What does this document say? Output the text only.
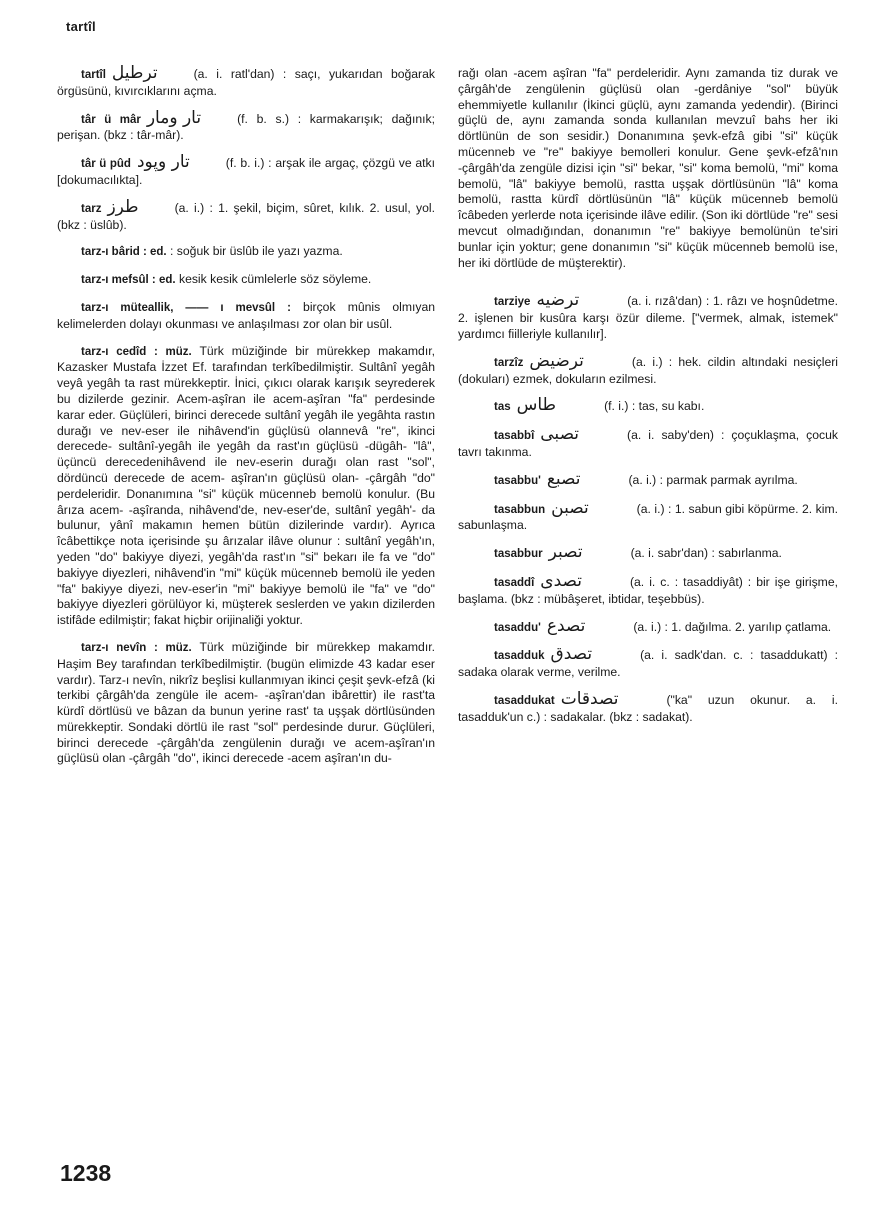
tartîl

tartîl ترطيل	(a. i. ratl'dan) : saçı, yukarıdan boğarak örgüsünü, kıvırcıklarını açma.

târ ü mâr تار ومار	(f. b. s.) : karmakarışık; dağınık; perişan. (bkz : târ-mâr).

târ ü pûd تار وپود	(f. b. i.) : arşak ile argaç, çözgü ve atkı [dokumacılıkta].

tarz طرز	(a. i.) : 1. şekil, biçim, sûret, kılık. 2. usul, yol. (bkz : üslûb).

tarz-ı bârid : ed. : soğuk bir üslûb ile yazı yazma.

tarz-ı mefsûl : ed. kesik kesik cümlelerle söz söyleme.

tarz-ı müteallik, —— ı mevsûl : birçok mûnis olmıyan kelimelerden dolayı okunması ve anlaşılması zor olan bir usûl.

tarz-ı cedîd : müz. Türk müziğinde bir mürekkep makamdır, Kazasker Mustafa İzzet Ef. tarafından terkîbedilmiştir. Sultânî yegâh veyâ yegâh ta rast mürekkeptir. İnici, çıkıcı olarak karışık seyrederek bu dizilerde gezinir. Acem-aşîran ile acem-aşîran "fa" perdesinde karar eder. Güçlüleri, birinci derecede sultânî yegâh ile yegâhta rastın durağı ve nev-eser ile nihâvend'in güçlüsü olannevâ "re", ikinci derecede- sultânî-yegâh ile yegâh da rast'ın güçlüsü -dügâh- "lâ", üçüncü derecedenihâvend ile nev-eserin durağı olan rast "sol", dördüncü derecede de acem- aşîran'ın güçlüsü olan- -çârgâh "do" perdeleridir. Donanımına "si" küçük mücenneb bemolü konulur. (Bu ârıza acem- -aşîranda, nihâvend'de, nev-eser'de, sultânî yegâh'- da bulunur, yânî makamın hemen bütün dizilerinde vardır). Ayrıca îcâbettikçe nota içerisinde şu ârızalar ilâve olunur : sultânî yegâh'ın, yeden "do" bakiyye diyezi, yegâh'da rast'ın "si" bekarı ile fa ve "do" bakiyye diyezleri, nihâvend'in "mi" küçük mücenneb bemolü ile yeden "fa" bakiyye diyezi, nev-eser'in "mi" bakiyye bemolü ile "fa" ve "do" bakiyye diyezleri görülüyor ki, müşterek seslerden ve yakın dizilerden istifâde edilmiştir; fakat hiçbir orijinaliği yoktur.

tarz-ı nevîn : müz. Türk müziğinde bir mürekkep makamdır. Haşim Bey tarafından terkîbedilmiştir. (bugün elimizde 43 kadar eser vardır). Tarz-ı nevîn, nikrîz beşlisi kullanmıyan ikinci çeşit şevk-efzâ (ki terkibi çârgâh'da zengüle ile acem- -aşîran'dan ibârettir) ile rast'ta kürdî dörtlüsü ve bâzan da bunun yerine rast' ta uşşak dörtlüsünden mürekkeptir. Sondaki dörtlü ile rast "sol" perdesinde durur. Güçlüleri, birinci derecede -çârgâh'da zengülenin durağı ve acem-aşîran'ın güçlüsü olan -çârgâh "do", ikinci derecede -acem aşîran'ın du-

rağı olan -acem aşîran "fa" perdeleridir. Aynı zamanda tiz durak ve çârgâh'de zengülenin güçlüsü olan -gerdâniye "sol" büyük ehemmiyetle kullanılır (İkinci güçlü, aynı zamanda yedendir). (Birinci güçlü de, aynı zamanda sonda kullanılan mevzuî bahs her iki dörtlünün de son sesidir.) Donanımına şevk-efzâ gibi "si" küçük mücenneb ve "re" bakiyye bemolleri konulur. Gene şevk-efzâ'nın -çârgâh'da zengüle dizisi için "si" bekar, "si" koma bemolü, "mi" koma bemolü, "lâ" bakiyye bemolü, rastta uşşak dörtlüsünün "lâ" koma bemolü, rastta kürdî dörtlüsünün "lâ" küçük mücenneb bemolü îcâbeden yerlerde nota içerisinde ilâve edilir. (Son iki dörtlüde "re" sesi mevcut olmadığından, donanımın "re" bakiyye bemolünün te'siri bunlar için yoktur; gene donanımın "si" küçük mücenneb bemolü ise, her iki dörtlüde de müşterektir).

tarziye ترضيه	(a. i. rızâ'dan) : 1. râzı ve hoşnûdetme. 2. işlenen bir kusûra karşı özür dileme. ["vermek, almak, istemek" yardımcı fiilleriyle kullanılır].

tarzîz ترضيض	(a. i.) : hek. cildin altındaki nesiçleri (dokuları) ezmek, dokuların ezilmesi.

tas طاس	(f. i.) : tas, su kabı.

tasabbî تصبى	(a. i. saby'den) : çoçuklaşma, çocuk tavrı takınma.

tasabbu' تصبع	(a. i.) : parmak parmak ayrılma.

tasabbun تصبن	(a. i.) : 1. sabun gibi köpürme. 2. kim. sabunlaşma.

tasabbur تصبر	(a. i. sabr'dan) : sabırlanma.

tasaddî تصدى	(a. i. c. : tasaddiyât) : bir işe girişme, başlama. (bkz : mübâşeret, ibtidar, teşebbüs).

tasaddu' تصدع	(a. i.) : 1. dağılma. 2. yarılıp çatlama.

tasadduk تصدق	(a. i. sadk'dan. c. : tasaddukatt) : sadaka olarak verme, verilme.

tasaddukat تصدقات	("ka" uzun okunur. a. i. tasadduk'un c.) : sadakalar. (bkz : sadakat).

1238
